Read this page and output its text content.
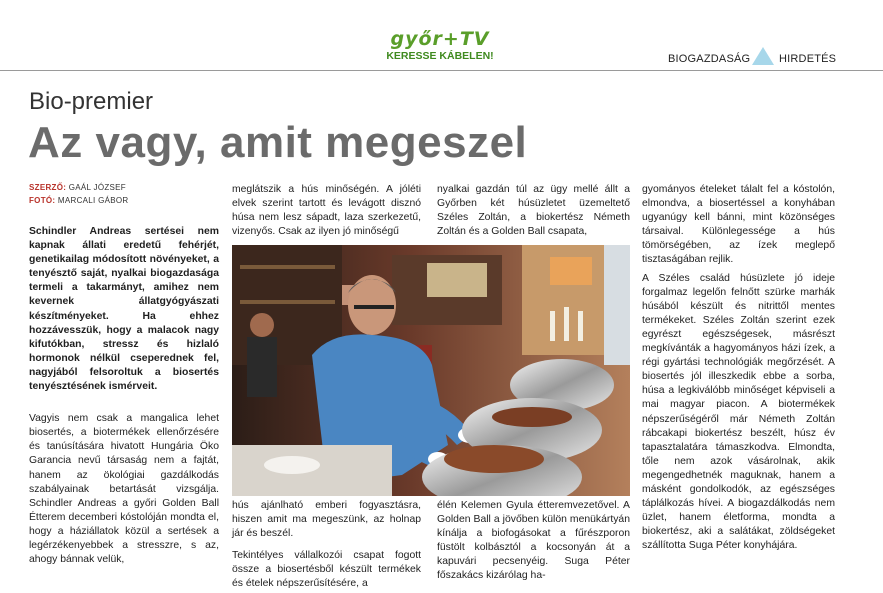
győr+TV
KERESSE KÁBELEN!	BIOGAZDASÁG	HIRDETÉS
Bio-premier
Az vagy, amit megeszel
SZERZŐ: GAÁL JÓZSEF
FOTÓ: MARCALI GÁBOR

Schindler Andreas sertései nem kapnak állati eredetű fehérjét, genetikailag módosított növényeket, a tenyésztő saját, nyalkai biogazdasága termeli a takarmányt, amihez nem kevernek állatgyógyászati készítményeket. Ha ehhez hozzávesszük, hogy a malacok nagy kifutókban, stressz és hizlaló hormonok nélkül cseperednek fel, nagyjából felsoroltuk a biosertés tenyésztésének ismérveit.

Vagyis nem csak a mangalica lehet biosertés, a biotermékek ellenőrzésére és tanúsítására hivatott Hungária Öko Garancia nevű társaság nem a fajtát, hanem az ökológiai gazdálkodás szabályainak betartását vizsgálja. Schindler Andreas a győri Golden Ball Étterem decemberi kóstolóján mondta el, hogy a háziállatok közül a sertések a legérzékenyebbek a stresszre, s az, ahogy bánnak velük,

meglátszik a hús minőségén. A jóléti elvek szerint tartott és levágott disznó húsa nem lesz sápadt, laza szerkezetű, vizenyős. Csak az ilyen jó minőségű

nyalkai gazdán túl az ügy mellé állt a Győrben két húsüzletet üzemeltető Széles Zoltán, a biokertész Németh Zoltán és a Golden Ball csapata,

hús ajánlható emberi fogyasztásra, hiszen amit ma megeszünk, az holnap jár és beszél.

Tekintélyes vállalkozói csapat fogott össze a biosertésből készült termékek és ételek népszerűsítésére, a

élén Kelemen Gyula étteremvezetővel. A Golden Ball a jövőben külön menükártyán kínálja a biofogásokat a fűrészporon füstölt kolbásztól a kocsonyán át a kapuvári pecsenyéig. Suga Péter főszakács kizárólag ha-

gyományos ételeket tálalt fel a kóstolón, elmondva, a biosertéssel a konyhában ugyanúgy kell bánni, mint közönséges társaival. Különlegessége a hús tömörségében, az ízek meglepő tisztaságában rejlik.

A Széles család húsüzlete jó ideje forgalmaz legelőn felnőtt szürke marhák húsából készült és nitrittől mentes termékeket. Széles Zoltán szerint ezek egyrészt egészségesek, másrészt megkívánták a hagyományos házi ízek, a régi gyártási technológiák megőrzését. A biosertés jól illeszkedik ebbe a sorba, húsa a legkiválóbb minőséget képviseli a mai magyar piacon. A biotermékek népszerűségéről már Németh Zoltán rábcakapi biokertész beszélt, húsz év tapasztalatára támaszkodva. Elmondta, tőle nem azok vásárolnak, akik megengedhetnék maguknak, hanem a másként gondolkodók, az egészséges táplálkozás hívei. A biogazdálkodás nem üzlet, hanem életforma, mondta a biokertész, aki a salátákat, zöldségeket szállította Suga Péter konyhájára.
